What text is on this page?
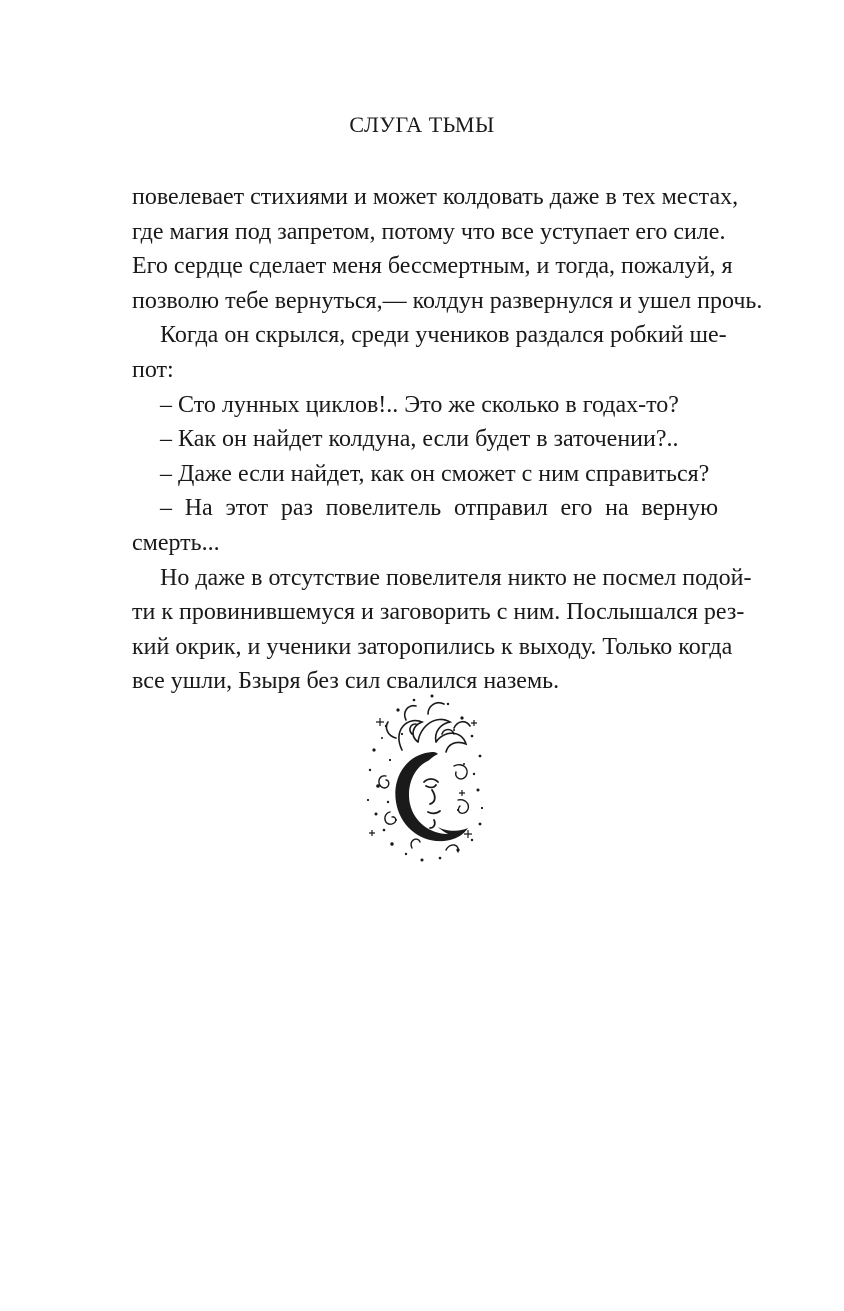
СЛУГА ТЬМЫ
повелевает стихиями и может колдовать даже в тех местах,
где магия под запретом, потому что все уступает его силе.
Его сердце сделает меня бессмертным, и тогда, пожалуй, я
позволю тебе вернуться,— колдун развернулся и ушел прочь.
Когда он скрылся, среди учеников раздался робкий ше-
пот:
– Сто лунных циклов!.. Это же сколько в годах-то?
– Как он найдет колдуна, если будет в заточении?..
– Даже если найдет, как он сможет с ним справиться?
– На этот раз повелитель отправил его на верную
смерть...
Но даже в отсутствие повелителя никто не посмел подой-
ти к провинившемуся и заговорить с ним. Послышался рез-
кий окрик, и ученики заторопились к выходу. Только когда
все ушли, Бзыря без сил свалился наземь.
